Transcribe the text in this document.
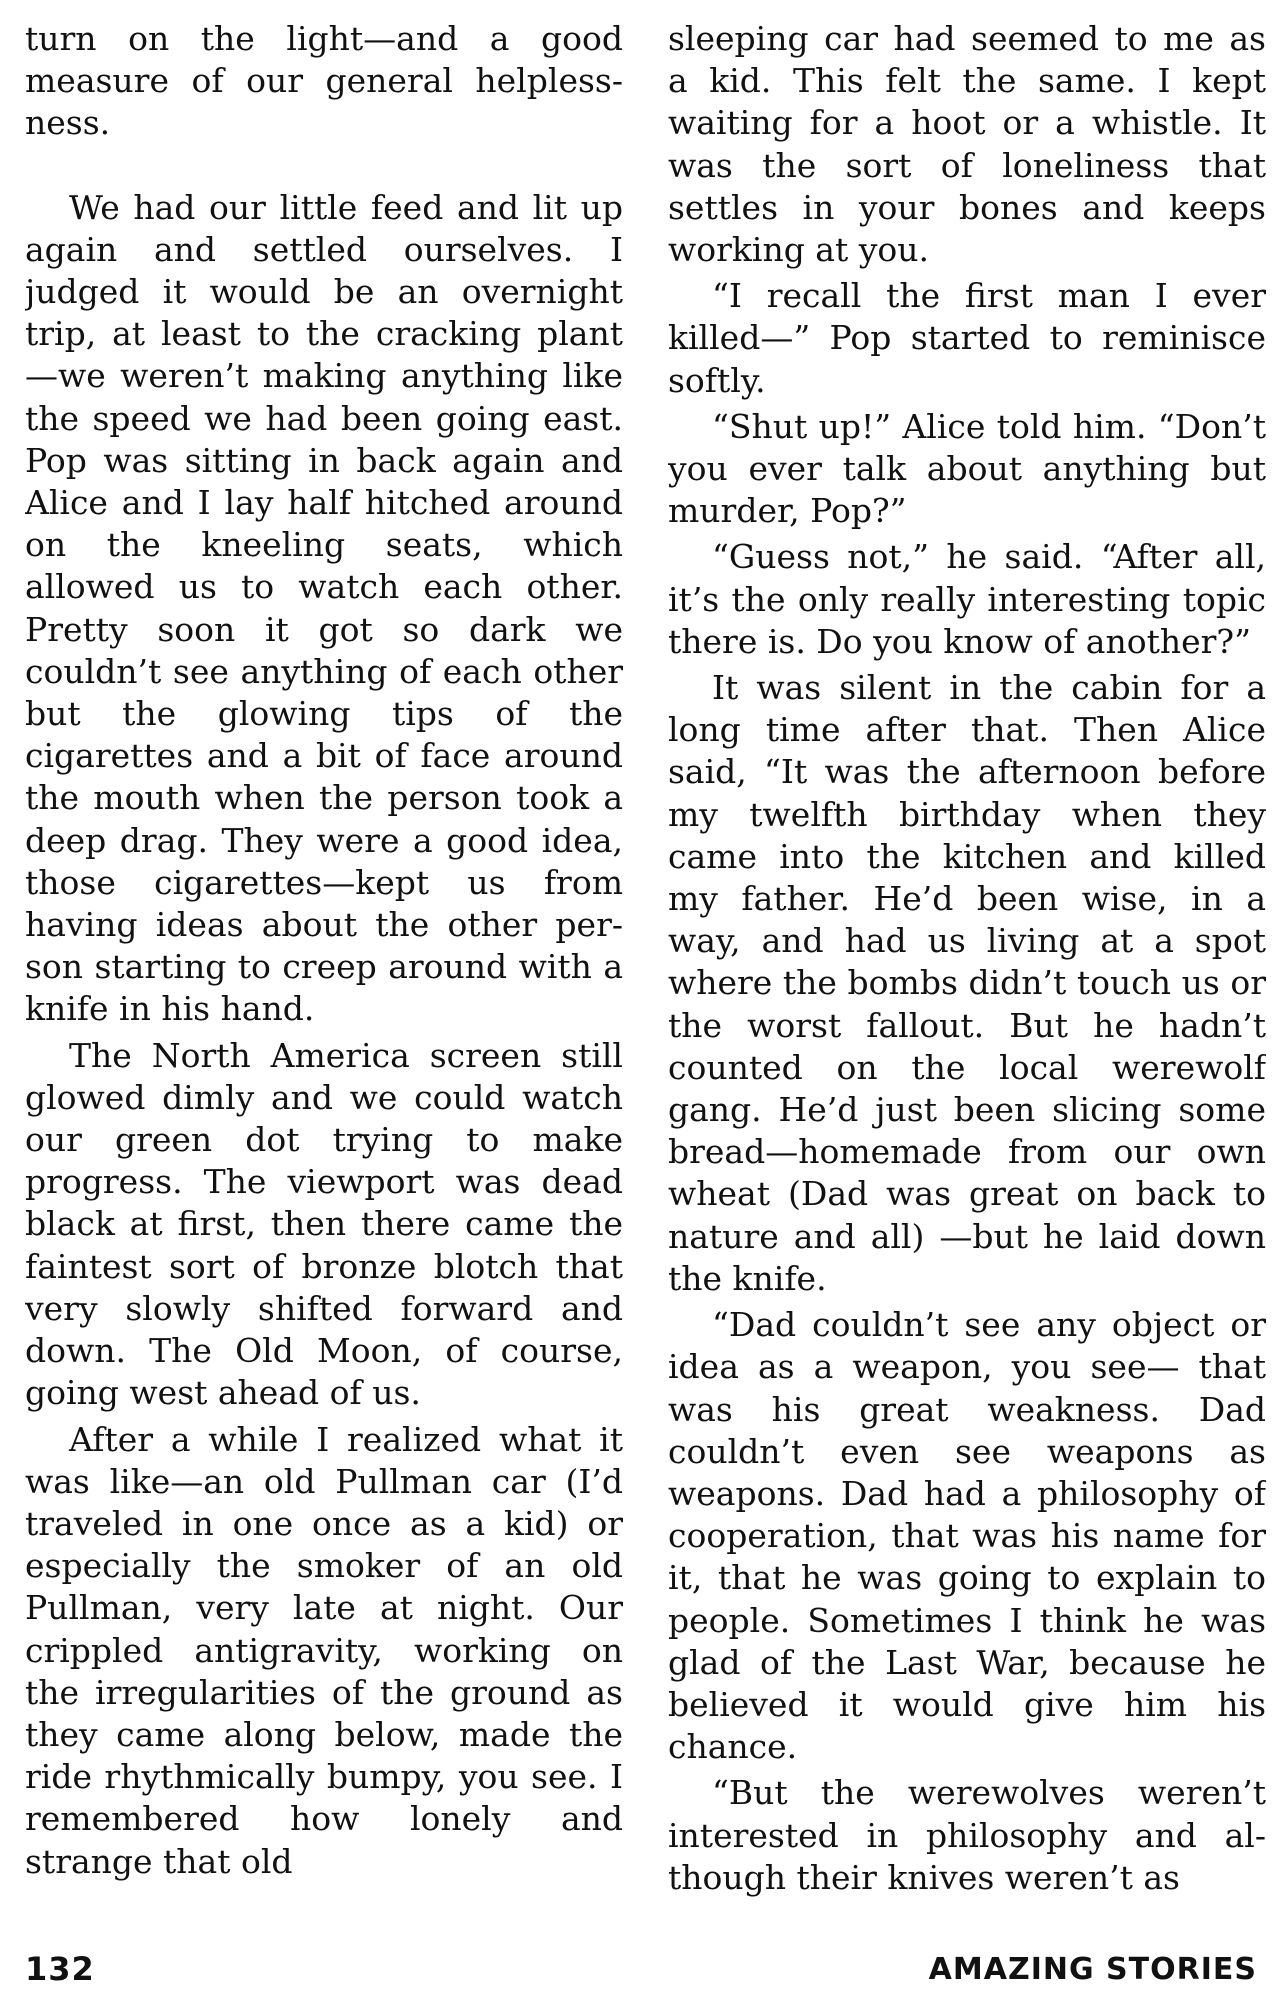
turn on the light—and a good measure of our general helplessness.

We had our little feed and lit up again and settled ourselves. I judged it would be an overnight trip, at least to the cracking plant—we weren’t making anything like the speed we had been going east. Pop was sitting in back again and Alice and I lay half hitched around on the kneeling seats, which allowed us to watch each other. Pretty soon it got so dark we couldn’t see anything of each other but the glowing tips of the cigarettes and a bit of face around the mouth when the person took a deep drag. They were a good idea, those cigarettes—kept us from having ideas about the other person starting to creep around with a knife in his hand.

The North America screen still glowed dimly and we could watch our green dot trying to make progress. The viewport was dead black at first, then there came the faintest sort of bronze blotch that very slowly shifted forward and down. The Old Moon, of course, going west ahead of us.

After a while I realized what it was like—an old Pullman car (I’d traveled in one once as a kid) or especially the smoker of an old Pullman, very late at night. Our crippled antigravity, working on the irregularities of the ground as they came along below, made the ride rhythmically bumpy, you see. I remembered how lonely and strange that old

sleeping car had seemed to me as a kid. This felt the same. I kept waiting for a hoot or a whistle. It was the sort of loneliness that settles in your bones and keeps working at you.

“I recall the first man I ever killed—” Pop started to reminisce softly.

“Shut up!” Alice told him. “Don’t you ever talk about anything but murder, Pop?”

“Guess not,” he said. “After all, it’s the only really interesting topic there is. Do you know of another?”

It was silent in the cabin for a long time after that. Then Alice said, “It was the afternoon before my twelfth birthday when they came into the kitchen and killed my father. He’d been wise, in a way, and had us living at a spot where the bombs didn’t touch us or the worst fallout. But he hadn’t counted on the local werewolf gang. He’d just been slicing some bread—homemade from our own wheat (Dad was great on back to nature and all) —but he laid down the knife.

“Dad couldn’t see any object or idea as a weapon, you see— that was his great weakness. Dad couldn’t even see weapons as weapons. Dad had a philosophy of cooperation, that was his name for it, that he was going to explain to people. Sometimes I think he was glad of the Last War, because he believed it would give him his chance.

“But the werewolves weren’t interested in philosophy and although their knives weren’t as

132	AMAZING STORIES
